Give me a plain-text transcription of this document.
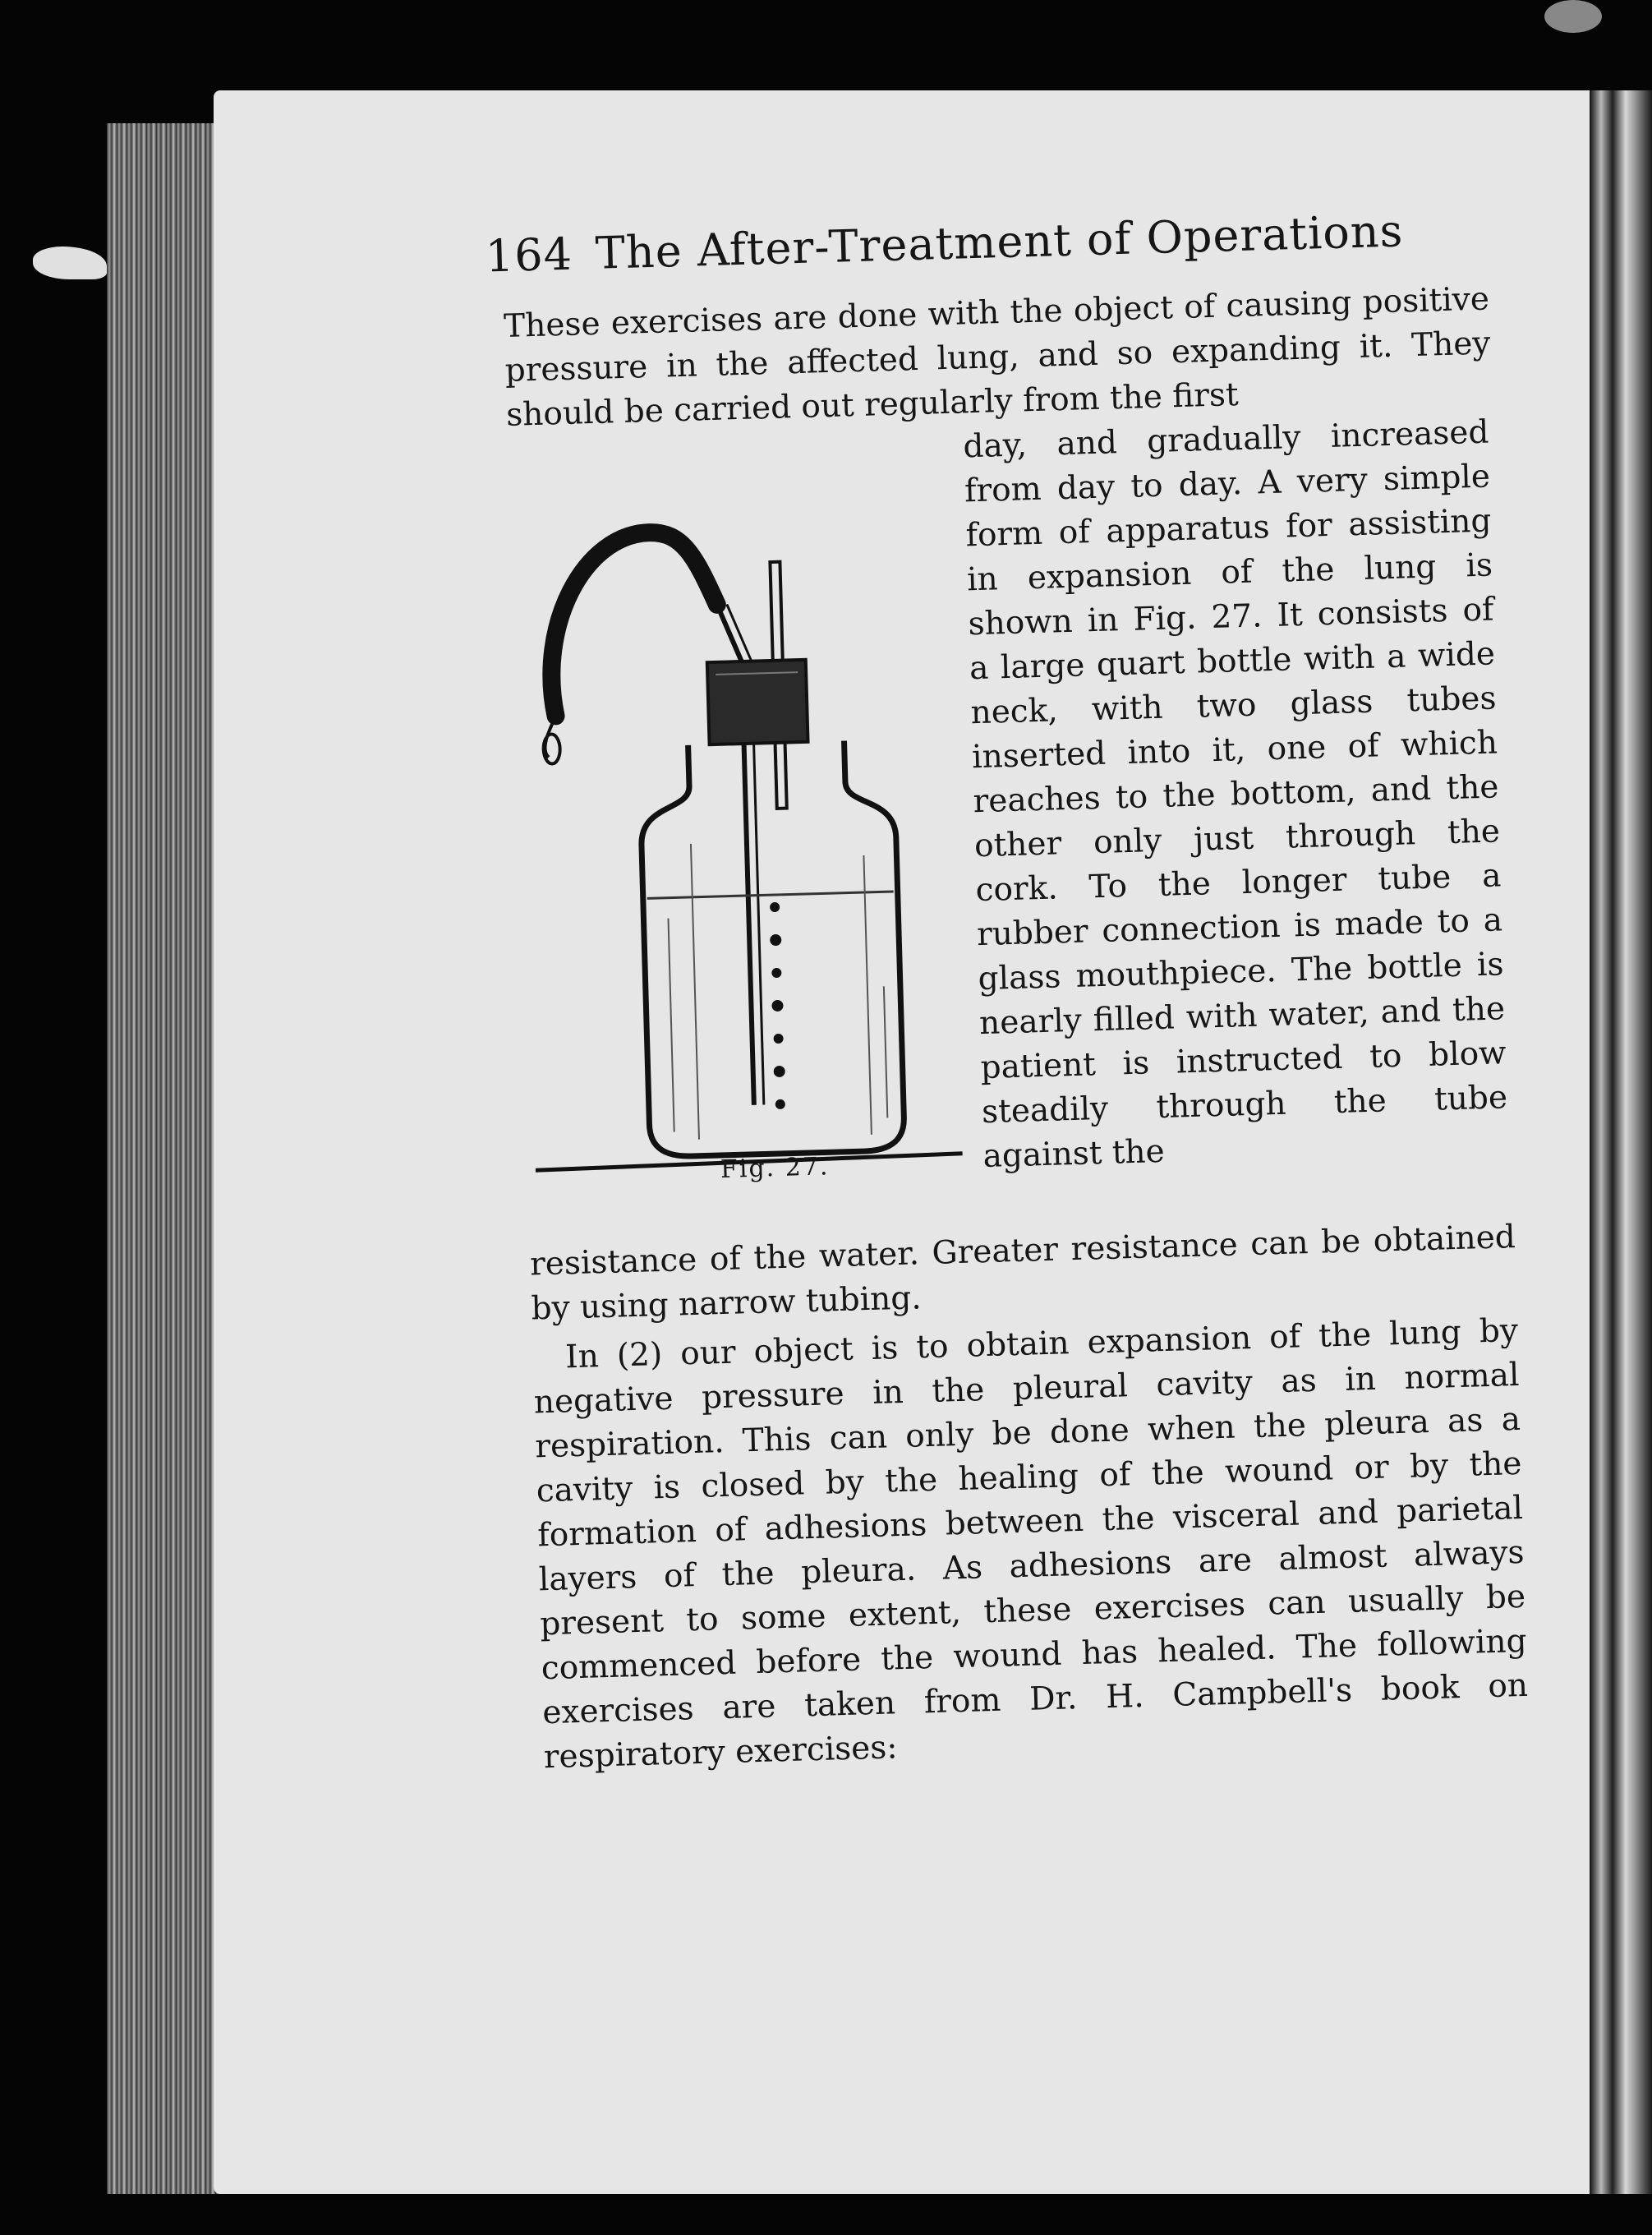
164 The After-Treatment of Operations

These exercises are done with the object of causing positive pressure in the affected lung, and so expanding it. They should be carried out regularly from the first

Fig. 27.

day, and gradually increased from day to day. A very simple form of apparatus for assisting in expansion of the lung is shown in Fig. 27. It consists of a large quart bottle with a wide neck, with two glass tubes inserted into it, one of which reaches to the bottom, and the other only just through the cork. To the longer tube a rubber connection is made to a glass mouthpiece. The bottle is nearly filled with water, and the patient is instructed to blow steadily through the tube against the

resistance of the water. Greater resistance can be obtained by using narrow tubing.

In (2) our object is to obtain expansion of the lung by negative pressure in the pleural cavity as in normal respiration. This can only be done when the pleura as a cavity is closed by the healing of the wound or by the formation of adhesions between the visceral and parietal layers of the pleura. As adhesions are almost always present to some extent, these exercises can usually be commenced before the wound has healed. The following exercises are taken from Dr. H. Campbell's book on respiratory exercises:
